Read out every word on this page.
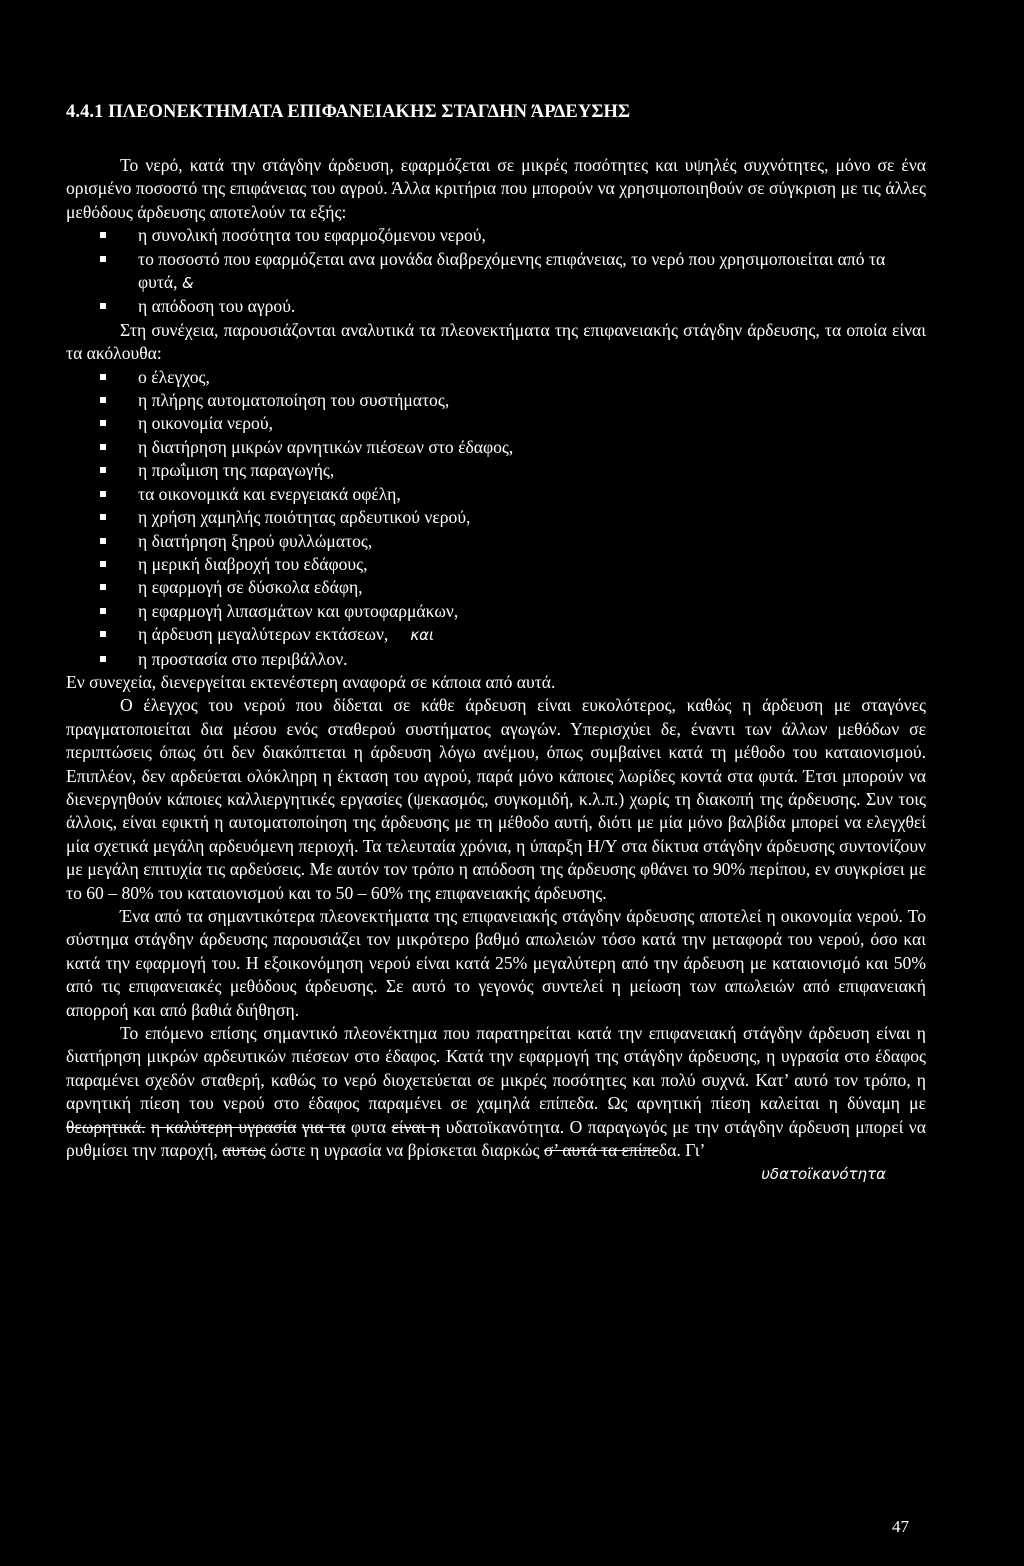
4.4.1 ΠΛΕΟΝΕΚΤΗΜΑΤΑ ΕΠΙΦΑΝΕΙΑΚΗΣ ΣΤΑΓΔΗΝ ΆΡΔΕΥΣΗΣ

Το νερό, κατά την στάγδην άρδευση, εφαρμόζεται σε μικρές ποσότητες και υψηλές συχνότητες, μόνο σε ένα ορισμένο ποσοστό της επιφάνειας του αγρού. Άλλα κριτήρια που μπορούν να χρησιμοποιηθούν σε σύγκριση με τις άλλες μεθόδους άρδευσης αποτελούν τα εξής:

η συνολική ποσότητα του εφαρμοζόμενου νερού,
το ποσοστό που εφαρμόζεται ανα μονάδα διαβρεχόμενης επιφάνειας, το νερό που χρησιμοποιείται από τα φυτά, &
η απόδοση του αγρού.

Στη συνέχεια, παρουσιάζονται αναλυτικά τα πλεονεκτήματα της επιφανειακής στάγδην άρδευσης, τα οποία είναι τα ακόλουθα:

ο έλεγχος,
η πλήρης αυτοματοποίηση του συστήματος,
η οικονομία νερού,
η διατήρηση μικρών αρνητικών πιέσεων στο έδαφος,
η πρωΐμιση της παραγωγής,
τα οικονομικά και ενεργειακά οφέλη,
η χρήση χαμηλής ποιότητας αρδευτικού νερού,
η διατήρηση ξηρού φυλλώματος,
η μερική διαβροχή του εδάφους,
η εφαρμογή σε δύσκολα εδάφη,
η εφαρμογή λιπασμάτων και φυτοφαρμάκων,
η άρδευση μεγαλύτερων εκτάσεων, και
η προστασία στο περιβάλλον.

Εν συνεχεία, διενεργείται εκτενέστερη αναφορά σε κάποια από αυτά.

Ο έλεγχος του νερού που δίδεται σε κάθε άρδευση είναι ευκολότερος, καθώς η άρδευση με σταγόνες πραγματοποιείται δια μέσου ενός σταθερού συστήματος αγωγών. Υπερισχύει δε, έναντι των άλλων μεθόδων σε περιπτώσεις όπως ότι δεν διακόπτεται η άρδευση λόγω ανέμου, όπως συμβαίνει κατά τη μέθοδο του καταιονισμού. Επιπλέον, δεν αρδεύεται ολόκληρη η έκταση του αγρού, παρά μόνο κάποιες λωρίδες κοντά στα φυτά. Έτσι μπορούν να διενεργηθούν κάποιες καλλιεργητικές εργασίες (ψεκασμός, συγκομιδή, κ.λ.π.) χωρίς τη διακοπή της άρδευσης. Συν τοις άλλοις, είναι εφικτή η αυτοματοποίηση της άρδευσης με τη μέθοδο αυτή, διότι με μία μόνο βαλβίδα μπορεί να ελεγχθεί μία σχετικά μεγάλη αρδευόμενη περιοχή. Τα τελευταία χρόνια, η ύπαρξη Η/Υ στα δίκτυα στάγδην άρδευσης συντονίζουν με μεγάλη επιτυχία τις αρδεύσεις. Με αυτόν τον τρόπο η απόδοση της άρδευσης φθάνει το 90% περίπου, εν συγκρίσει με το 60 – 80% του καταιονισμού και το 50 – 60% της επιφανειακής άρδευσης.

Ένα από τα σημαντικότερα πλεονεκτήματα της επιφανειακής στάγδην άρδευσης αποτελεί η οικονομία νερού. Το σύστημα στάγδην άρδευσης παρουσιάζει τον μικρότερο βαθμό απωλειών τόσο κατά την μεταφορά του νερού, όσο και κατά την εφαρμογή του. Η εξοικονόμηση νερού είναι κατά 25% μεγαλύτερη από την άρδευση με καταιονισμό και 50% από τις επιφανειακές μεθόδους άρδευσης. Σε αυτό το γεγονός συντελεί η μείωση των απωλειών από επιφανειακή απορροή και από βαθιά διήθηση.

Το επόμενο επίσης σημαντικό πλεονέκτημα που παρατηρείται κατά την επιφανειακή στάγδην άρδευση είναι η διατήρηση μικρών αρδευτικών πιέσεων στο έδαφος. Κατά την εφαρμογή της στάγδην άρδευσης, η υγρασία στο έδαφος παραμένει σχεδόν σταθερή, καθώς το νερό διοχετεύεται σε μικρές ποσότητες και πολύ συχνά. Κατ’ αυτό τον τρόπο, η αρνητική πίεση του νερού στο έδαφος παραμένει σε χαμηλά επίπεδα. Ως αρνητική πίεση καλείται η δύναμη με θεωρητικά. η καλύτερη υγρασία για τα φυτα είναι η υδατοϊκανότητα. Ο παραγωγός με την στάγδην άρδευση μπορεί να ρυθμίσει την παροχή, αυτως ώστε η υγρασία να βρίσκεται διαρκώς σ’ αυτά τα επίπεδα. Γι’

υδατοϊκανότητα

47
